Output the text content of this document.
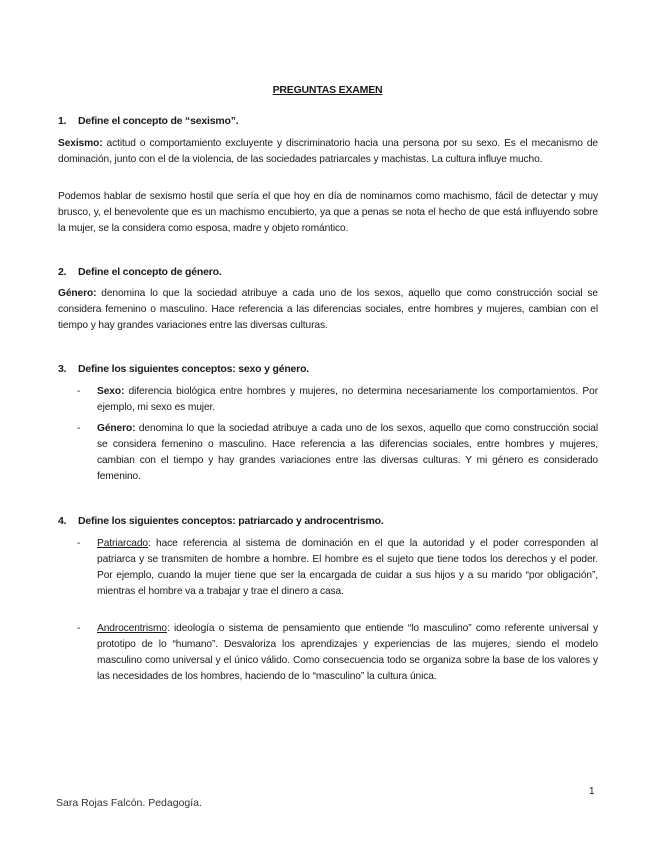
PREGUNTAS EXAMEN
1. Define el concepto de “sexismo”.

Sexismo: actitud o comportamiento excluyente y discriminatorio hacia una persona por su sexo. Es el mecanismo de dominación, junto con el de la violencia, de las sociedades patriarcales y machistas. La cultura influye mucho.

Podemos hablar de sexismo hostil que sería el que hoy en día de nominamos como machismo, fácil de detectar y muy brusco, y, el benevolente que es un machismo encubierto, ya que a penas se nota el hecho de que está influyendo sobre la mujer, se la considera como esposa, madre y objeto romántico.

2. Define el concepto de género.

Género: denomina lo que la sociedad atribuye a cada uno de los sexos, aquello que como construcción social se considera femenino o masculino. Hace referencia a las diferencias sociales, entre hombres y mujeres, cambian con el tiempo y hay grandes variaciones entre las diversas culturas.

3. Define los siguientes conceptos: sexo y género.
-	Sexo: diferencia biológica entre hombres y mujeres, no determina necesariamente los comportamientos. Por ejemplo, mi sexo es mujer.
-	Género: denomina lo que la sociedad atribuye a cada uno de los sexos, aquello que como construcción social se considera femenino o masculino. Hace referencia a las diferencias sociales, entre hombres y mujeres, cambian con el tiempo y hay grandes variaciones entre las diversas culturas. Y mi género es considerado femenino.
4. Define los siguientes conceptos: patriarcado y androcentrismo.
-	Patriarcado: hace referencia al sistema de dominación en el que la autoridad y el poder corresponden al patriarca y se transmiten de hombre a hombre. El hombre es el sujeto que tiene todos los derechos y el poder. Por ejemplo, cuando la mujer tiene que ser la encargada de cuidar a sus hijos y a su marido “por obligación”, mientras el hombre va a trabajar y trae el dinero a casa.
-	Androcentrismo: ideología o sistema de pensamiento que entiende “lo masculino” como referente universal y prototipo de lo “humano”. Desvaloriza los aprendizajes y experiencias de las mujeres, siendo el modelo masculino como universal y el único válido. Como consecuencia todo se organiza sobre la base de los valores y las necesidades de los hombres, haciendo de lo “masculino” la cultura única.
1
Sara Rojas Falcón. Pedagogía.
